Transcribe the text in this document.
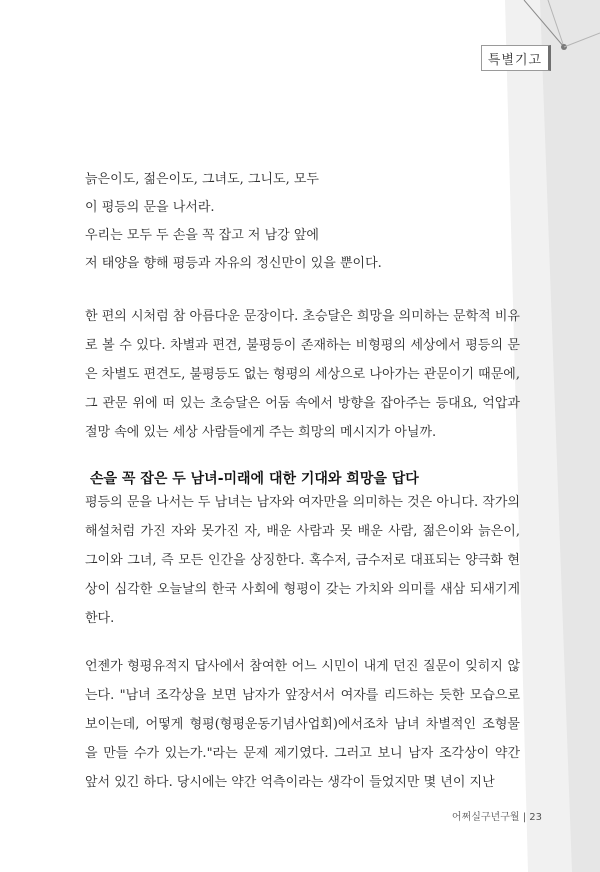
특별기고
늙은이도, 젊은이도, 그녀도, 그니도, 모두
이 평등의 문을 나서라.
우리는 모두 두 손을 꼭 잡고 저 남강 앞에
저 태양을 향해 평등과 자유의 정신만이 있을 뿐이다.

한 편의 시처럼 참 아름다운 문장이다. 초승달은 희망을 의미하는 문학적 비유로 볼 수 있다. 차별과 편견, 불평등이 존재하는 비형평의 세상에서 평등의 문은 차별도 편견도, 불평등도 없는 형평의 세상으로 나아가는 관문이기 때문에, 그 관문 위에 떠 있는 초승달은 어둠 속에서 방향을 잡아주는 등대요, 억압과 절망 속에 있는 세상 사람들에게 주는 희망의 메시지가 아닐까.

손을 꼭 잡은 두 남녀-미래에 대한 기대와 희망을 답다

평등의 문을 나서는 두 남녀는 남자와 여자만을 의미하는 것은 아니다. 작가의 해설처럼 가진 자와 못가진 자, 배운 사람과 못 배운 사람, 젊은이와 늙은이, 그이와 그녀, 즉 모든 인간을 상징한다. 혹수저, 금수저로 대표되는 양극화 현상이 심각한 오늘날의 한국 사회에 형평이 갖는 가치와 의미를 새삼 되새기게 한다.

언젠가 형평유적지 답사에서 참여한 어느 시민이 내게 던진 질문이 잊히지 않는다. "남녀 조각상을 보면 남자가 앞장서서 여자를 리드하는 듯한 모습으로 보이는데, 어떻게 형평(형평운동기념사업회)에서조차 남녀 차별적인 조형물을 만들 수가 있는가."라는 문제 제기였다. 그러고 보니 남자 조각상이 약간 앞서 있긴 하다. 당시에는 약간 억측이라는 생각이 들었지만 몇 년이 지난

어쩌실구년구월 | 23
